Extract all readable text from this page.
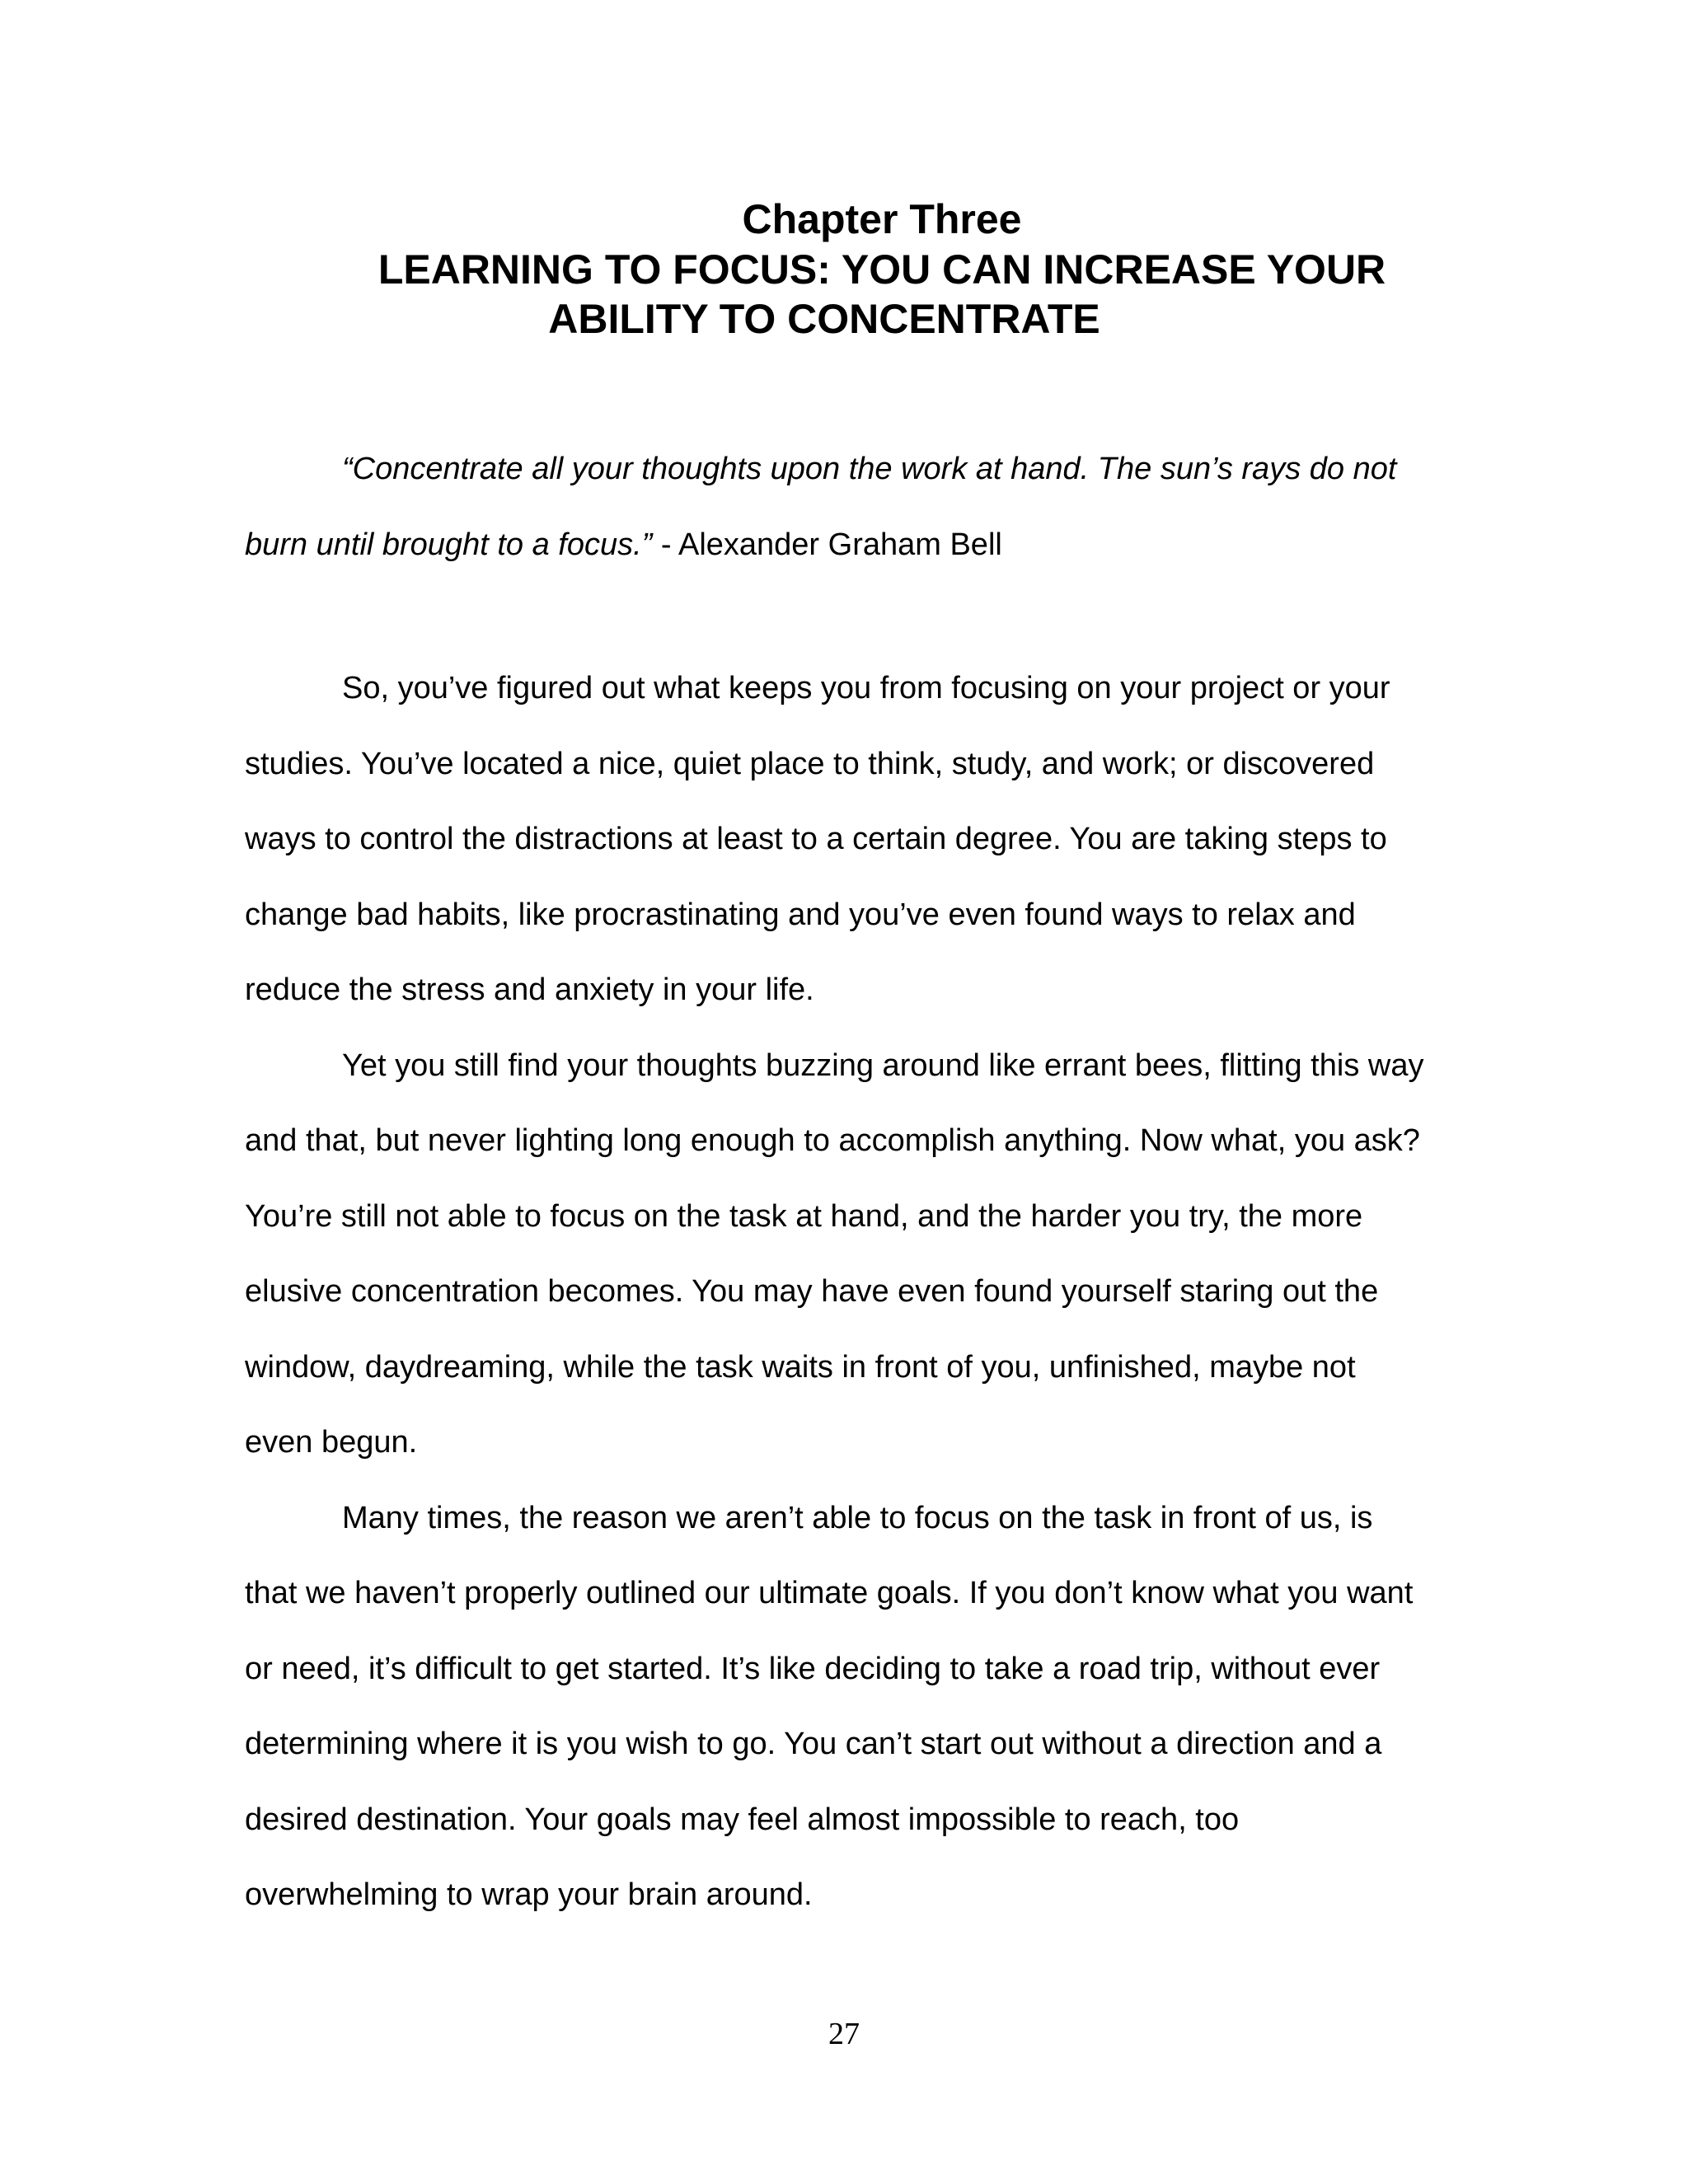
Chapter Three
LEARNING TO FOCUS: YOU CAN INCREASE YOUR
ABILITY TO CONCENTRATE

“Concentrate all your thoughts upon the work at hand. The sun’s rays do not burn until brought to a focus.” - Alexander Graham Bell

So, you’ve figured out what keeps you from focusing on your project or your studies. You’ve located a nice, quiet place to think, study, and work; or discovered ways to control the distractions at least to a certain degree. You are taking steps to change bad habits, like procrastinating and you’ve even found ways to relax and reduce the stress and anxiety in your life.

Yet you still find your thoughts buzzing around like errant bees, flitting this way and that, but never lighting long enough to accomplish anything. Now what, you ask? You’re still not able to focus on the task at hand, and the harder you try, the more elusive concentration becomes. You may have even found yourself staring out the window, daydreaming, while the task waits in front of you, unfinished, maybe not even begun.

Many times, the reason we aren’t able to focus on the task in front of us, is that we haven’t properly outlined our ultimate goals. If you don’t know what you want or need, it’s difficult to get started. It’s like deciding to take a road trip, without ever determining where it is you wish to go. You can’t start out without a direction and a desired destination. Your goals may feel almost impossible to reach, too overwhelming to wrap your brain around.

27
